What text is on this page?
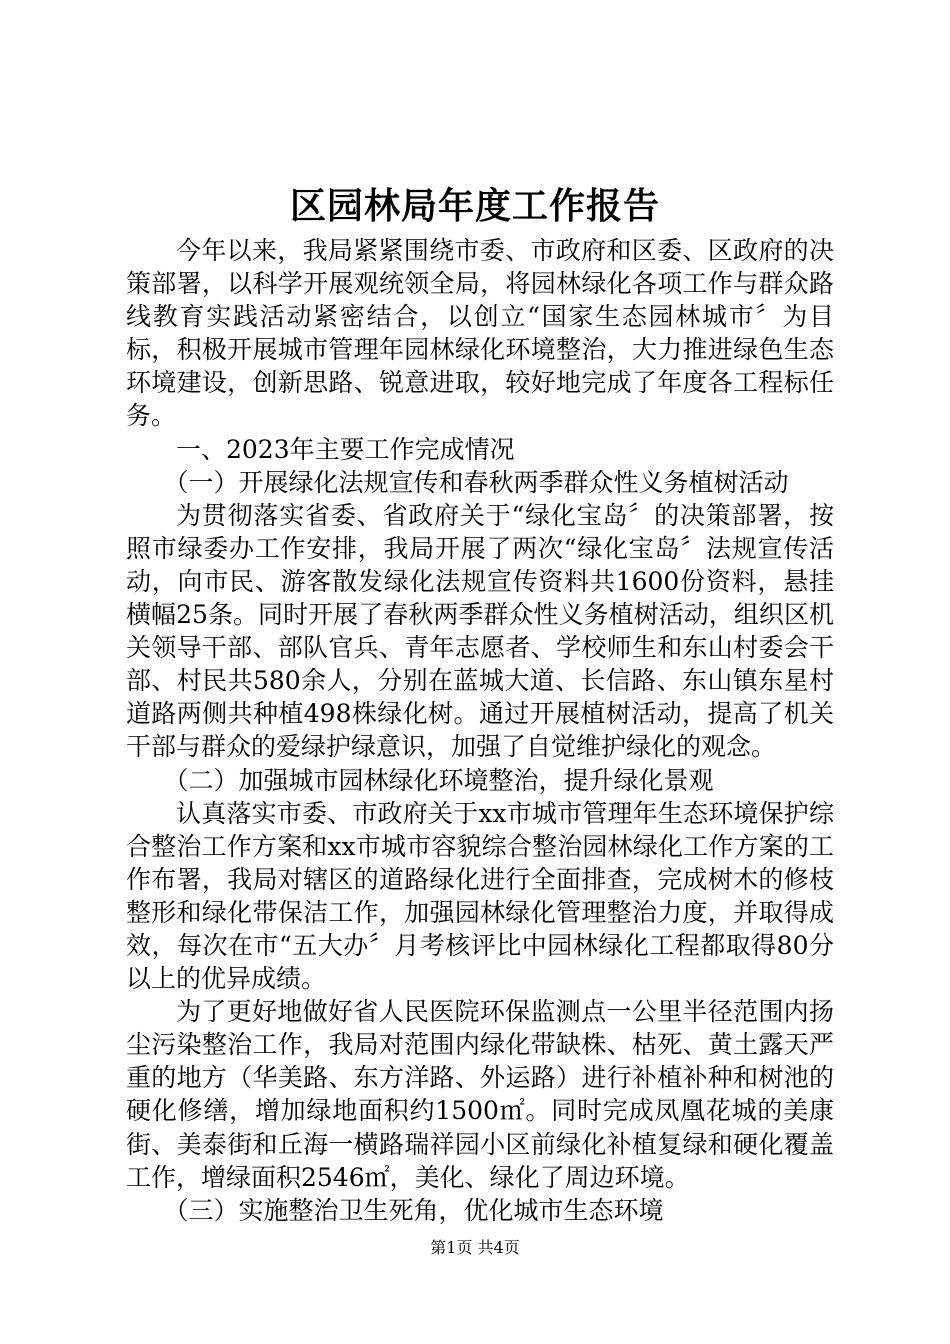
区园林局年度工作报告

今年以来，我局紧紧围绕市委、市政府和区委、区政府的决策部署，以科学开展观统领全局，将园林绿化各项工作与群众路线教育实践活动紧密结合，以创立“国家生态园林城市〞为目标，积极开展城市管理年园林绿化环境整治，大力推进绿色生态环境建设，创新思路、锐意进取，较好地完成了年度各工程标任务。

一、2023年主要工作完成情况

（一）开展绿化法规宣传和春秋两季群众性义务植树活动

为贯彻落实省委、省政府关于“绿化宝岛〞的决策部署，按照市绿委办工作安排，我局开展了两次“绿化宝岛〞法规宣传活动，向市民、游客散发绿化法规宣传资料共1600份资料，悬挂横幅25条。同时开展了春秋两季群众性义务植树活动，组织区机关领导干部、部队官兵、青年志愿者、学校师生和东山村委会干部、村民共580余人，分别在蓝城大道、长信路、东山镇东星村道路两侧共种植498株绿化树。通过开展植树活动，提高了机关干部与群众的爱绿护绿意识，加强了自觉维护绿化的观念。

（二）加强城市园林绿化环境整治，提升绿化景观

认真落实市委、市政府关于xx市城市管理年生态环境保护综合整治工作方案和xx市城市容貌综合整治园林绿化工作方案的工作布署，我局对辖区的道路绿化进行全面排查，完成树木的修枝整形和绿化带保洁工作，加强园林绿化管理整治力度，并取得成效，每次在市“五大办〞月考核评比中园林绿化工程都取得80分以上的优异成绩。

为了更好地做好省人民医院环保监测点一公里半径范围内扬尘污染整治工作，我局对范围内绿化带缺株、枯死、黄土露天严重的地方（华美路、东方洋路、外运路）进行补植补种和树池的硬化修缮，增加绿地面积约1500㎡。同时完成凤凰花城的美康街、美泰街和丘海一横路瑞祥园小区前绿化补植复绿和硬化覆盖工作，增绿面积2546㎡，美化、绿化了周边环境。

（三）实施整治卫生死角，优化城市生态环境

第1页 共4页
